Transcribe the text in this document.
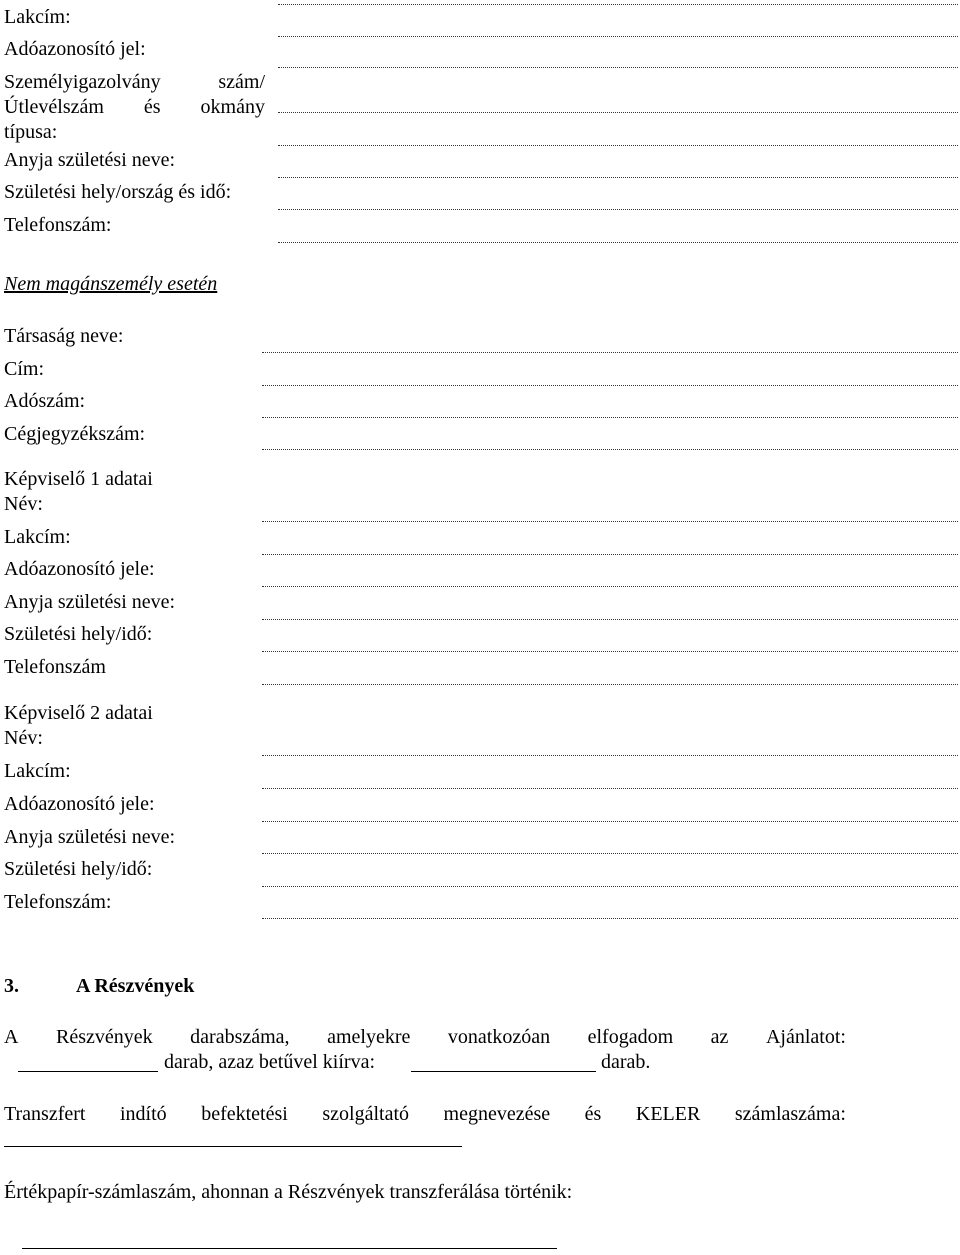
Lakcím:
Adóazonosító jel:
Személyigazolvány	szám/
Útlevélszám és okmány
típusa:
Anyja születési neve:
Születési hely/ország és idő:
Telefonszám:
Nem magánszemély esetén
Társaság neve:
Cím:
Adószám:
Cégjegyzékszám:
Képviselő 1 adatai
Név:
Lakcím:
Adóazonosító jele:
Anyja születési neve:
Születési hely/idő:
Telefonszám
Képviselő 2 adatai
Név:
Lakcím:
Adóazonosító jele:
Anyja születési neve:
Születési hely/idő:
Telefonszám:
3.	A Részvények
A Részvények darabszáma, amelyekre vonatkozóan elfogadom az Ajánlatot:
darab, azaz betűvel kiírva:	darab.
Transzfert indító befektetési szolgáltató megnevezése és KELER számlaszáma:
Értékpapír-számlaszám, ahonnan a Részvények transzferálása történik:
